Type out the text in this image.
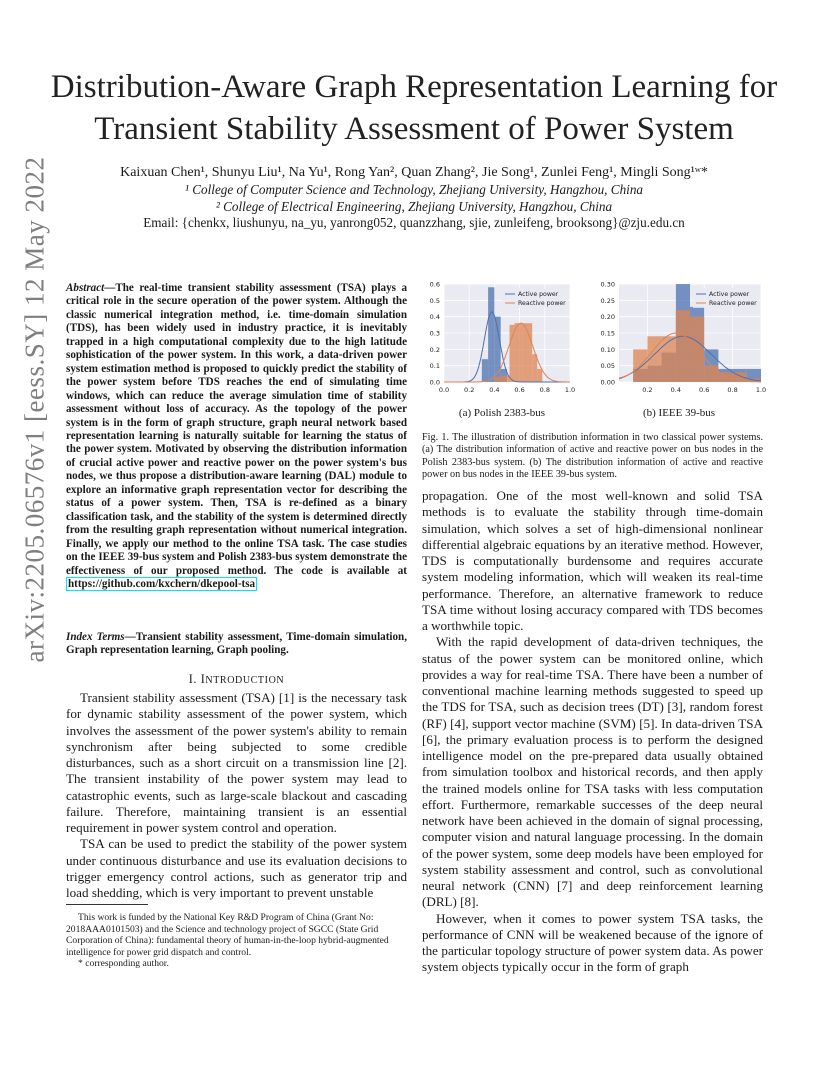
Distribution-Aware Graph Representation Learning for Transient Stability Assessment of Power System
Kaixuan Chen¹, Shunyu Liu¹, Na Yu¹, Rong Yan², Quan Zhang², Jie Song¹, Zunlei Feng¹, Mingli Song¹ʷ*
¹ College of Computer Science and Technology, Zhejiang University, Hangzhou, China
² College of Electrical Engineering, Zhejiang University, Hangzhou, China
Email: {chenkx, liushunyu, na_yu, yanrong052, quanzzhang, sjie, zunleifeng, brooksong}@zju.edu.cn
arXiv:2205.06576v1 [eess.SY] 12 May 2022 Abstract—The real-time transient stability assessment (TSA) plays a critical role in the secure operation of the power system. Although the classic numerical integration method, i.e. time-domain simulation (TDS), has been widely used in industry practice, it is inevitably trapped in a high computational complexity due to the high latitude sophistication of the power system. In this work, a data-driven power system estimation method is proposed to quickly predict the stability of the power system before TDS reaches the end of simulating time windows, which can reduce the average simulation time of stability assessment without loss of accuracy. As the topology of the power system is in the form of graph structure, graph neural network based representation learning is naturally suitable for learning the status of the power system. Motivated by observing the distribution information of crucial active power and reactive power on the power system's bus nodes, we thus propose a distribution-aware learning (DAL) module to explore an informative graph representation vector for describing the status of a power system. Then, TSA is re-defined as a binary classification task, and the stability of the system is determined directly from the resulting graph representation without numerical integration. Finally, we apply our method to the online TSA task. The case studies on the IEEE 39-bus system and Polish 2383-bus system demonstrate the effectiveness of our proposed method. The code is available at https://github.com/kxchern/dkepool-tsa
Index Terms—Transient stability assessment, Time-domain simulation, Graph representation learning, Graph pooling.
I. INTRODUCTION

Transient stability assessment (TSA) [1] is the necessary task for dynamic stability assessment of the power system, which involves the assessment of the power system's ability to remain synchronism after being subjected to some credible disturbances, such as a short circuit on a transmission line [2]. The transient instability of the power system may lead to catastrophic events, such as large-scale blackout and cascading failure. Therefore, maintaining transient is an essential requirement in power system control and operation.

TSA can be used to predict the stability of the power system under continuous disturbance and use its evaluation decisions to trigger emergency control actions, such as generator trip and load shedding, which is very important to prevent unstable

This work is funded by the National Key R&D Program of China (Grant No: 2018AAA0101503) and the Science and technology project of SGCC (State Grid Corporation of China): fundamental theory of human-in-the-loop hybrid-augmented intelligence for power grid dispatch and control.

* corresponding author.

0.0
0.1
0.2
0.3
0.4
0.5
0.6
0.0 0.2 0.4 0.6 0.8 1.0
Active power
Reactive power
0.00
0.05
0.10
0.15
0.20
0.25
0.30
0.2	0.4	0.6	0.8	1.0
Active power
Reactive power
(a) Polish 2383-bus	(b) IEEE 39-bus
Fig. 1. The illustration of distribution information in two classical power systems. (a) The distribution information of active and reactive power on bus nodes in the Polish 2383-bus system. (b) The distribution information of active and reactive power on bus nodes in the IEEE 39-bus system.

propagation. One of the most well-known and solid TSA methods is to evaluate the stability through time-domain simulation, which solves a set of high-dimensional nonlinear differential algebraic equations by an iterative method. However, TDS is computationally burdensome and requires accurate system modeling information, which will weaken its real-time performance. Therefore, an alternative framework to reduce TSA time without losing accuracy compared with TDS becomes a worthwhile topic.

With the rapid development of data-driven techniques, the status of the power system can be monitored online, which provides a way for real-time TSA. There have been a number of conventional machine learning methods suggested to speed up the TDS for TSA, such as decision trees (DT) [3], random forest (RF) [4], support vector machine (SVM) [5]. In data-driven TSA [6], the primary evaluation process is to perform the designed intelligence model on the pre-prepared data usually obtained from simulation toolbox and historical records, and then apply the trained models online for TSA tasks with less computation effort. Furthermore, remarkable successes of the deep neural network have been achieved in the domain of signal processing, computer vision and natural language processing. In the domain of the power system, some deep models have been employed for system stability assessment and control, such as convolutional neural network (CNN) [7] and deep reinforcement learning (DRL) [8].

However, when it comes to power system TSA tasks, the performance of CNN will be weakened because of the ignore of the particular topology structure of power system data. As power system objects typically occur in the form of graph
